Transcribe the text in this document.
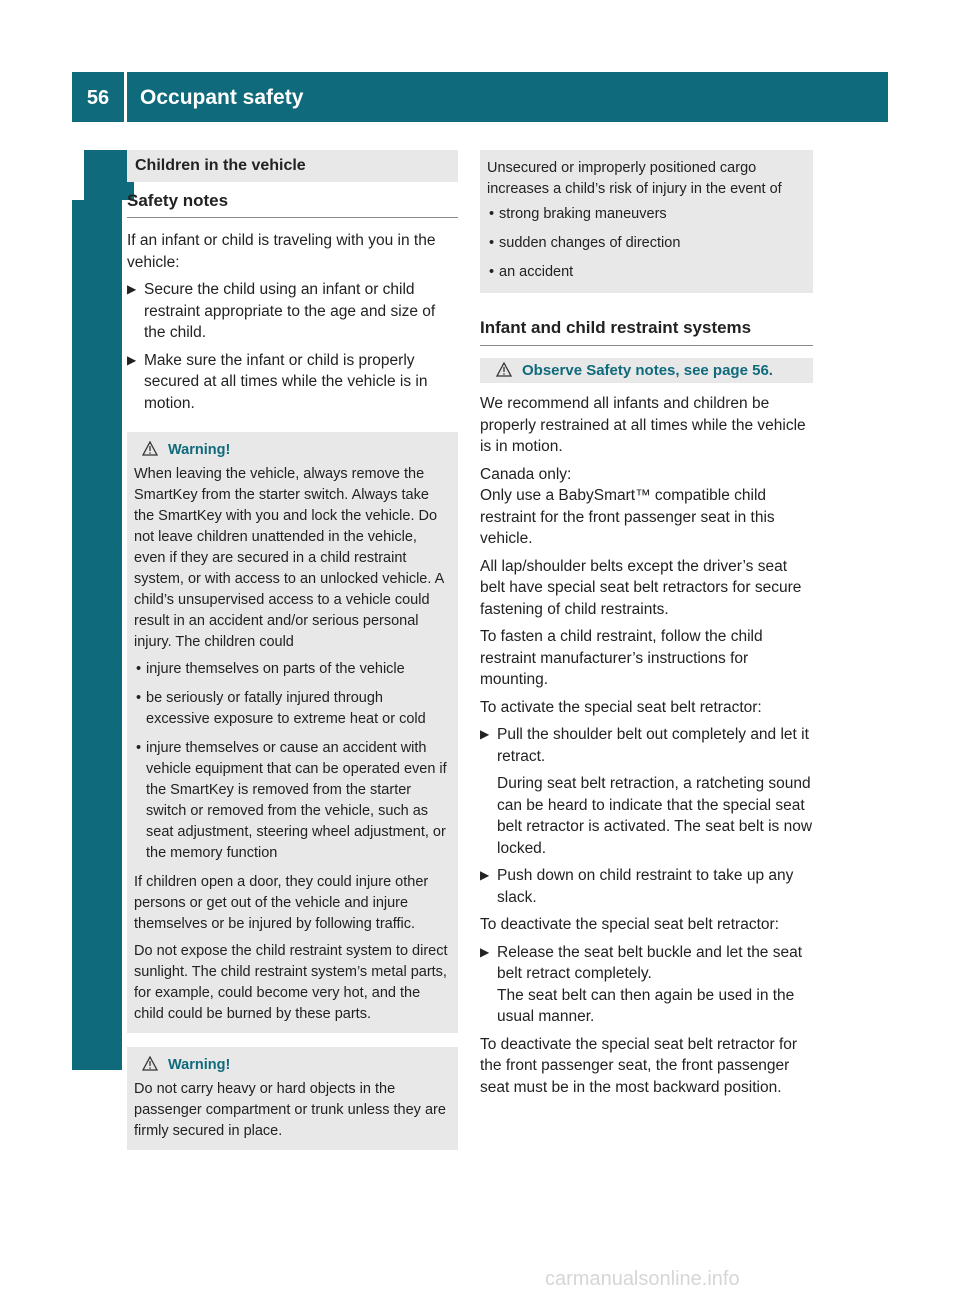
56	Occupant safety
Safety and security
Children in the vehicle
Safety notes

If an infant or child is traveling with you in the vehicle:

▶ Secure the child using an infant or child restraint appropriate to the age and size of the child.
▶ Make sure the infant or child is properly secured at all times while the vehicle is in motion.
Warning!

When leaving the vehicle, always remove the SmartKey from the starter switch. Always take the SmartKey with you and lock the vehicle. Do not leave children unattended in the vehicle, even if they are secured in a child restraint system, or with access to an unlocked vehicle. A child’s unsupervised access to a vehicle could result in an accident and/or serious personal injury. The children could

• injure themselves on parts of the vehicle
• be seriously or fatally injured through excessive exposure to extreme heat or cold
• injure themselves or cause an accident with vehicle equipment that can be operated even if the SmartKey is removed from the starter switch or removed from the vehicle, such as seat adjustment, steering wheel adjustment, or the memory function

If children open a door, they could injure other persons or get out of the vehicle and injure themselves or be injured by following traffic.

Do not expose the child restraint system to direct sunlight. The child restraint system’s metal parts, for example, could become very hot, and the child could be burned by these parts.

Warning!

Do not carry heavy or hard objects in the passenger compartment or trunk unless they are firmly secured in place.

Unsecured or improperly positioned cargo increases a child’s risk of injury in the event of

• strong braking maneuvers
• sudden changes of direction
• an accident
Infant and child restraint systems
Observe Safety notes, see page 56.

We recommend all infants and children be properly restrained at all times while the vehicle is in motion.

Canada only:

Only use a BabySmart™ compatible child restraint for the front passenger seat in this vehicle.

All lap/shoulder belts except the driver’s seat belt have special seat belt retractors for secure fastening of child restraints.

To fasten a child restraint, follow the child restraint manufacturer’s instructions for mounting.

To activate the special seat belt retractor:

▶ Pull the shoulder belt out completely and let it retract.
During seat belt retraction, a ratcheting sound can be heard to indicate that the special seat belt retractor is activated. The seat belt is now locked.
▶ Push down on child restraint to take up any slack.

To deactivate the special seat belt retractor:

▶ Release the seat belt buckle and let the seat belt retract completely.
The seat belt can then again be used in the usual manner.

To deactivate the special seat belt retractor for the front passenger seat, the front passenger seat must be in the most backward position.

carmanualsonline.info
